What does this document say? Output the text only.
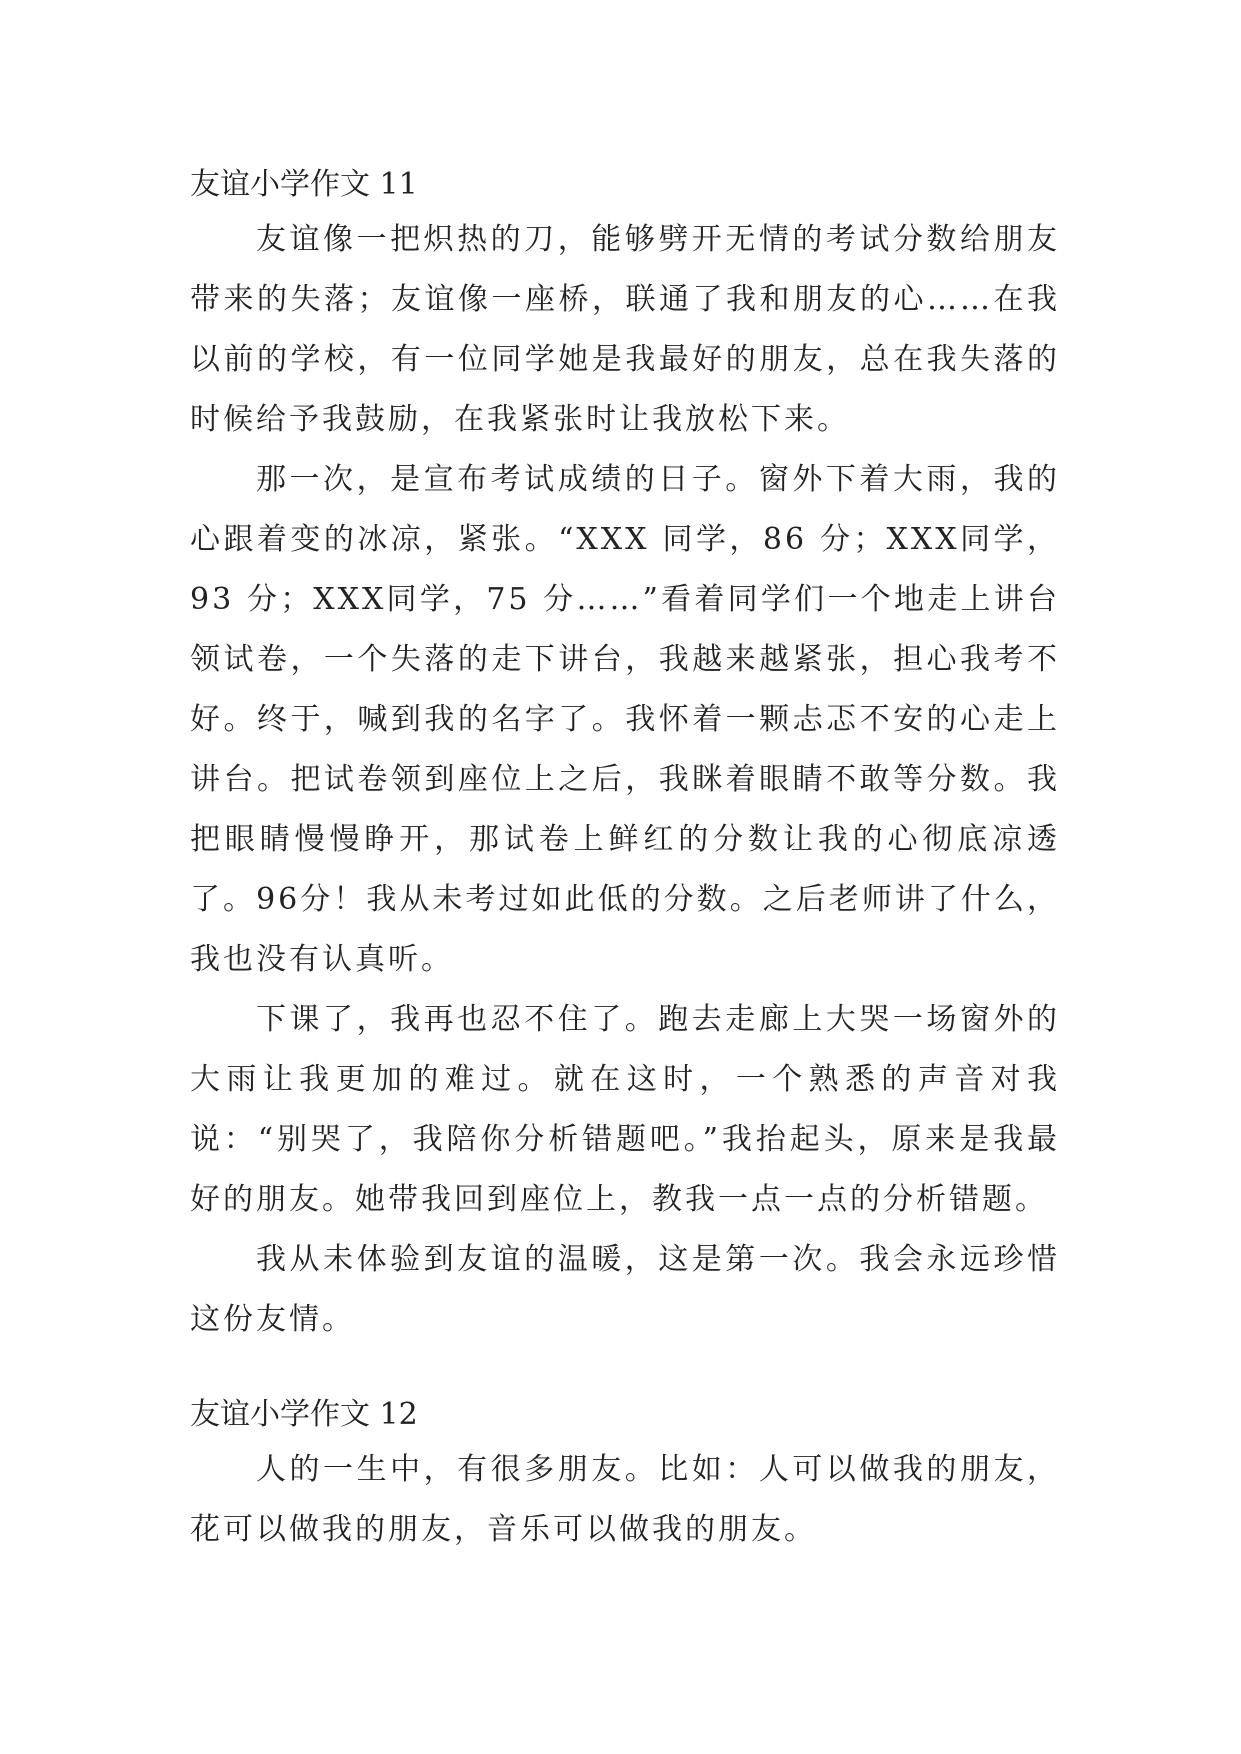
友谊小学作文 11

友谊像一把炽热的刀，能够劈开无情的考试分数给朋友带来的失落；友谊像一座桥，联通了我和朋友的心……在我以前的学校，有一位同学她是我最好的朋友，总在我失落的时候给予我鼓励，在我紧张时让我放松下来。

那一次，是宣布考试成绩的日子。窗外下着大雨，我的心跟着变的冰凉，紧张。“XXX 同学，86 分；XXX同学，93 分；XXX同学，75 分……”看着同学们一个地走上讲台领试卷，一个失落的走下讲台，我越来越紧张，担心我考不好。终于，喊到我的名字了。我怀着一颗忐忑不安的心走上讲台。把试卷领到座位上之后，我眯着眼睛不敢等分数。我把眼睛慢慢睁开，那试卷上鲜红的分数让我的心彻底凉透了。96分！我从未考过如此低的分数。之后老师讲了什么，我也没有认真听。

下课了，我再也忍不住了。跑去走廊上大哭一场窗外的大雨让我更加的难过。就在这时，一个熟悉的声音对我说：“别哭了，我陪你分析错题吧。”我抬起头，原来是我最好的朋友。她带我回到座位上，教我一点一点的分析错题。

我从未体验到友谊的温暖，这是第一次。我会永远珍惜这份友情。

友谊小学作文 12

人的一生中，有很多朋友。比如：人可以做我的朋友，花可以做我的朋友，音乐可以做我的朋友。
